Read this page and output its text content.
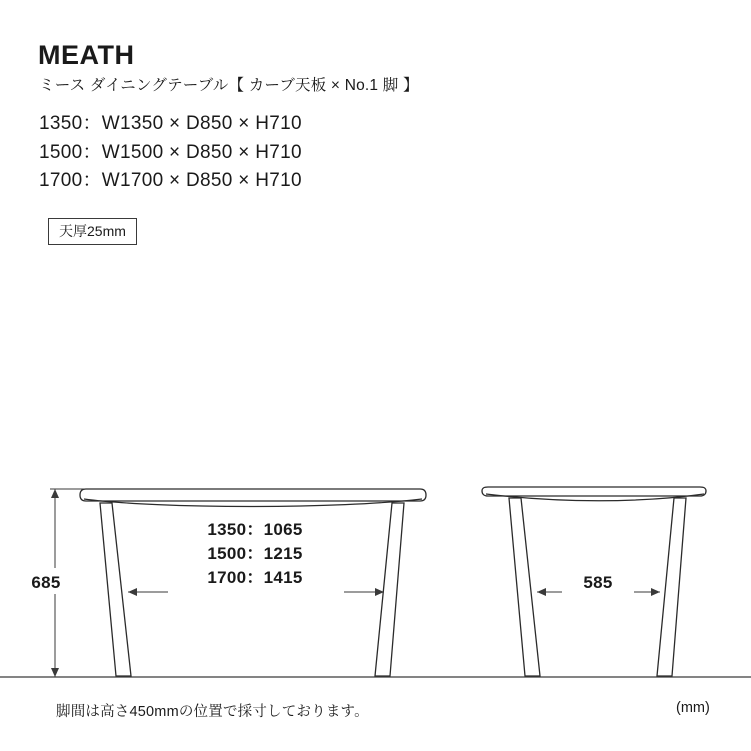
MEATH
ミース ダイニングテーブル【 カーブ天板 × No.1 脚 】
1350：W1350 × D850 × H710
1500：W1500 × D850 × H710
1700：W1700 × D850 × H710
天厚25mm
685	585
1350：1065
1500：1215
1700：1415
脚間は高さ450mmの位置で採寸しております。	(mm)
